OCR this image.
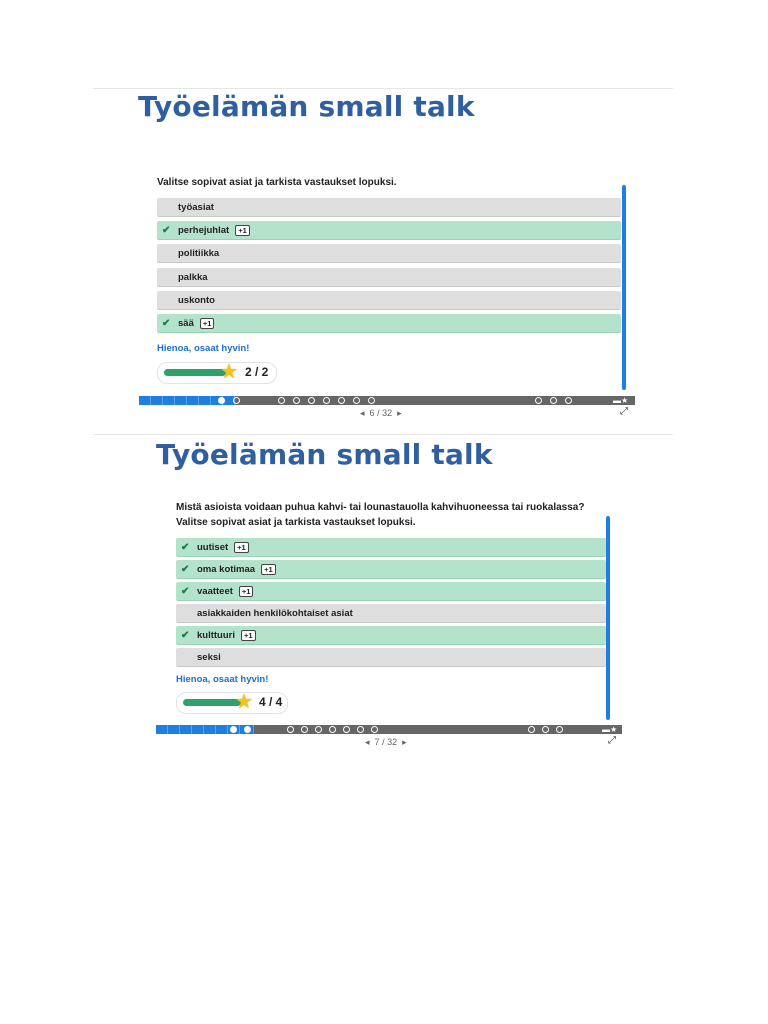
Työelämän small talk
Valitse sopivat asiat ja tarkista vastaukset lopuksi.
työasiat
✔ perhejuhlat	+1
politiikka
palkka
uskonto
✔ sää	+1
Hienoa, osaat hyvin!
★ 2 / 2
▬★
◂ 6 / 32 ▸	⤢
Työelämän small talk
Mistä asioista voidaan puhua kahvi- tai lounastauolla kahvihuoneessa tai ruokalassa?
Valitse sopivat asiat ja tarkista vastaukset lopuksi.
✔ uutiset	+1
✔ oma kotimaa	+1
✔ vaatteet	+1
asiakkaiden henkilökohtaiset asiat
✔ kulttuuri	+1
seksi
Hienoa, osaat hyvin!
★ 4 / 4
▬★
◂ 7 / 32 ▸	⤢
